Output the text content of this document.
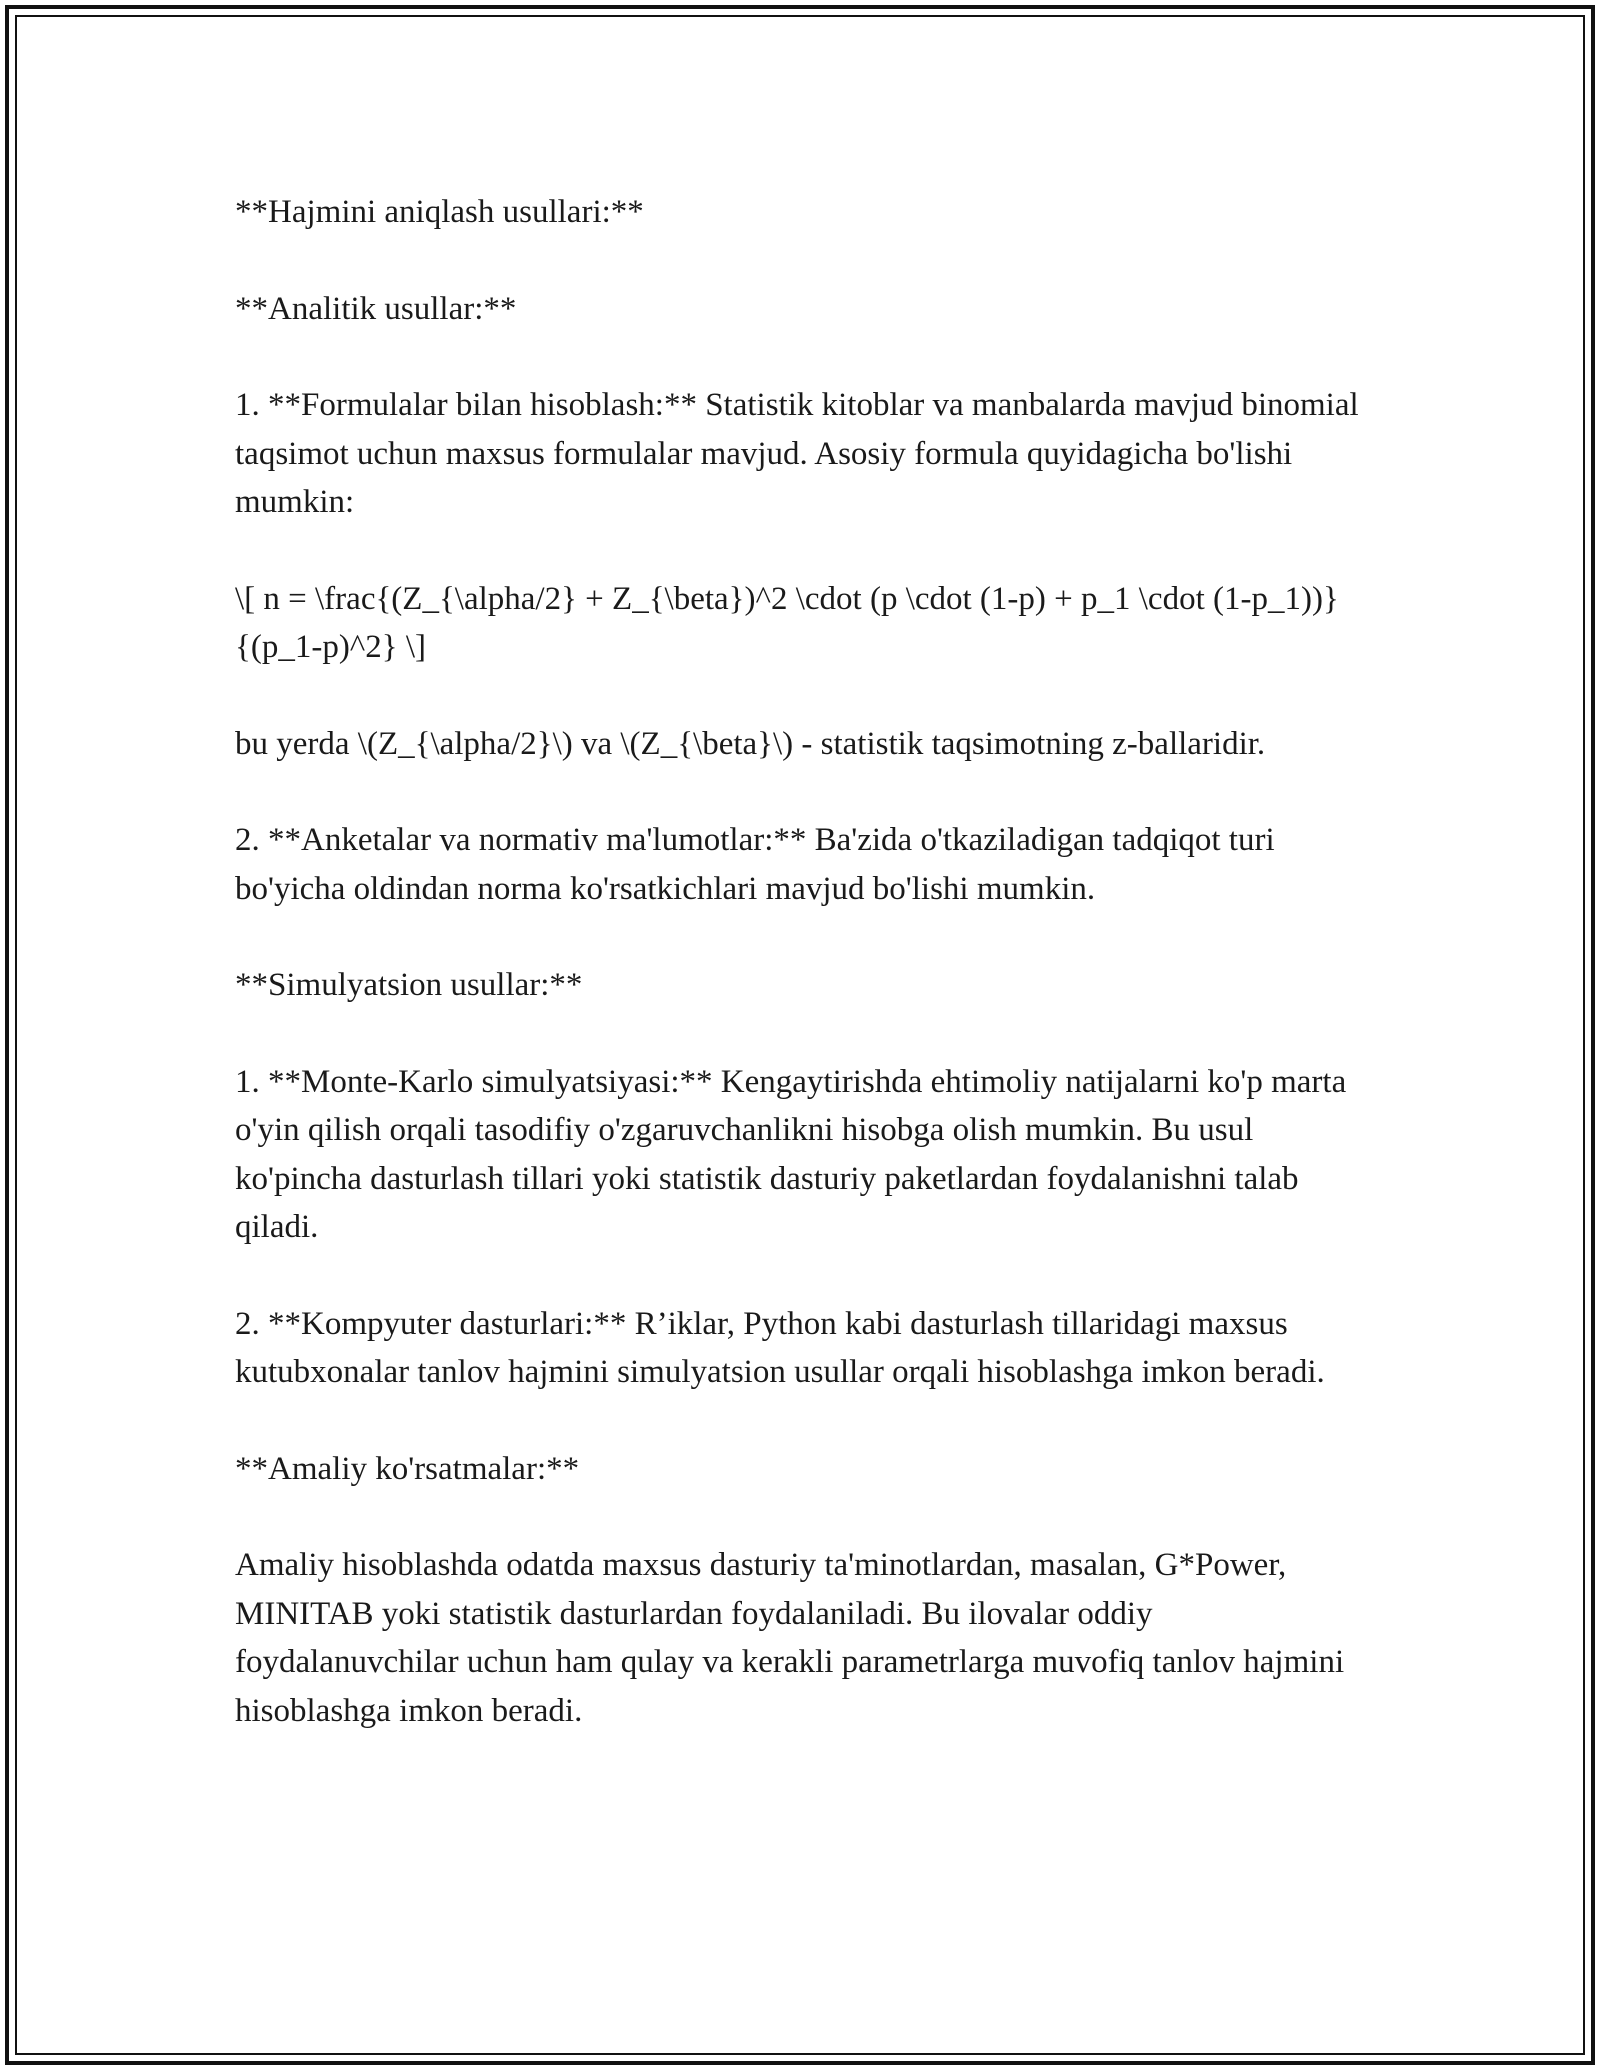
**Hajmini aniqlash usullari:**

**Analitik usullar:**

1. **Formulalar bilan hisoblash:** Statistik kitoblar va manbalarda mavjud binomial taqsimot uchun maxsus formulalar mavjud. Asosiy formula quyidagicha bo'lishi mumkin:

\[ n = \frac{(Z_{\alpha/2} + Z_{\beta})^2 \cdot (p \cdot (1-p) + p_1 \cdot (1-p_1))}{(p_1-p)^2} \]

bu yerda \(Z_{\alpha/2}\) va \(Z_{\beta}\) - statistik taqsimotning z-ballaridir.

2. **Anketalar va normativ ma'lumotlar:** Ba'zida o'tkaziladigan tadqiqot turi bo'yicha oldindan norma ko'rsatkichlari mavjud bo'lishi mumkin.

**Simulyatsion usullar:**

1. **Monte-Karlo simulyatsiyasi:** Kengaytirishda ehtimoliy natijalarni ko'p marta o'yin qilish orqali tasodifiy o'zgaruvchanlikni hisobga olish mumkin. Bu usul ko'pincha dasturlash tillari yoki statistik dasturiy paketlardan foydalanishni talab qiladi.

2. **Kompyuter dasturlari:** R’iklar, Python kabi dasturlash tillaridagi maxsus kutubxonalar tanlov hajmini simulyatsion usullar orqali hisoblashga imkon beradi.

**Amaliy ko'rsatmalar:**

Amaliy hisoblashda odatda maxsus dasturiy ta'minotlardan, masalan, G*Power, MINITAB yoki statistik dasturlardan foydalaniladi. Bu ilovalar oddiy foydalanuvchilar uchun ham qulay va kerakli parametrlarga muvofiq tanlov hajmini hisoblashga imkon beradi.
